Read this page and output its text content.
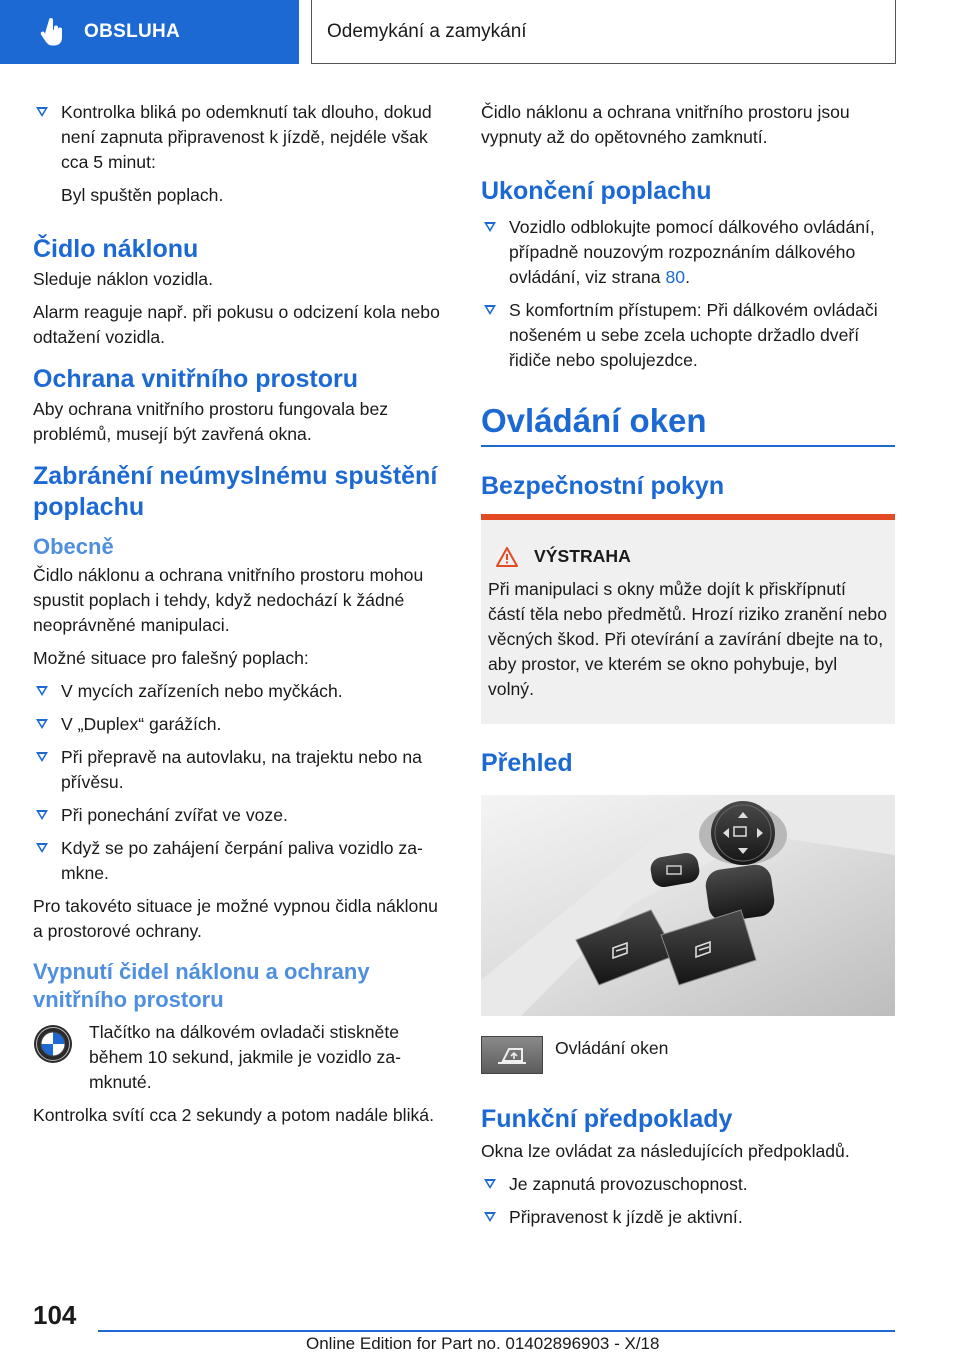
OBSLUHA	Odemykání a zamykání
Kontrolka bliká po odemknutí tak dlouho, dokud není zapnuta připravenost k jízdě, nejdéle však cca 5 minut:

Byl spuštěn poplach.

Čidlo náklonu

Sleduje náklon vozidla.

Alarm reaguje např. při pokusu o odcizení kola nebo odtažení vozidla.

Ochrana vnitřního prostoru

Aby ochrana vnitřního prostoru fungovala bez problémů, musejí být zavřená okna.

Zabránění neúmyslnému spuštění poplachu
Obecně

Čidlo náklonu a ochrana vnitřního prostoru mohou spustit poplach i tehdy, když nedochází k žádné neoprávněné manipulaci.

Možné situace pro falešný poplach:

V mycích zařízeních nebo myčkách.
V „Duplex“ garážích.
Při přepravě na autovlaku, na trajektu nebo na přívěsu.
Při ponechání zvířat ve voze.
Když se po zahájení čerpání paliva vozidlo zamkne.

Pro takovéto situace je možné vypnou čidla náklonu a prostorové ochrany.

Vypnutí čidel náklonu a ochrany vnitřního prostoru
Tlačítko na dálkovém ovladači stiskněte během 10 sekund, jakmile je vozidlo zamknuté.

Kontrolka svítí cca 2 sekundy a potom nadále bliká.

Čidlo náklonu a ochrana vnitřního prostoru jsou vypnuty až do opětovného zamknutí.

Ukončení poplachu
Vozidlo odblokujte pomocí dálkového ovládání, případně nouzovým rozpoznáním dálkového ovládání, viz strana 80.
S komfortním přístupem: Při dálkovém ovládači nošeném u sebe zcela uchopte držadlo dveří řidiče nebo spolujezdce.
Ovládání oken
Bezpečnostní pokyn
VÝSTRAHA
Při manipulaci s okny může dojít k přiskřípnutí částí těla nebo předmětů. Hrozí riziko zranění nebo věcných škod. Při otevírání a zavírání dbejte na to, aby prostor, ve kterém se okno pohybuje, byl volný.
Přehled
Ovládání oken
Funkční předpoklady

Okna lze ovládat za následujících předpokladů.

Je zapnutá provozuschopnost.
Připravenost k jízdě je aktivní.
104
Online Edition for Part no. 01402896903 - X/18
